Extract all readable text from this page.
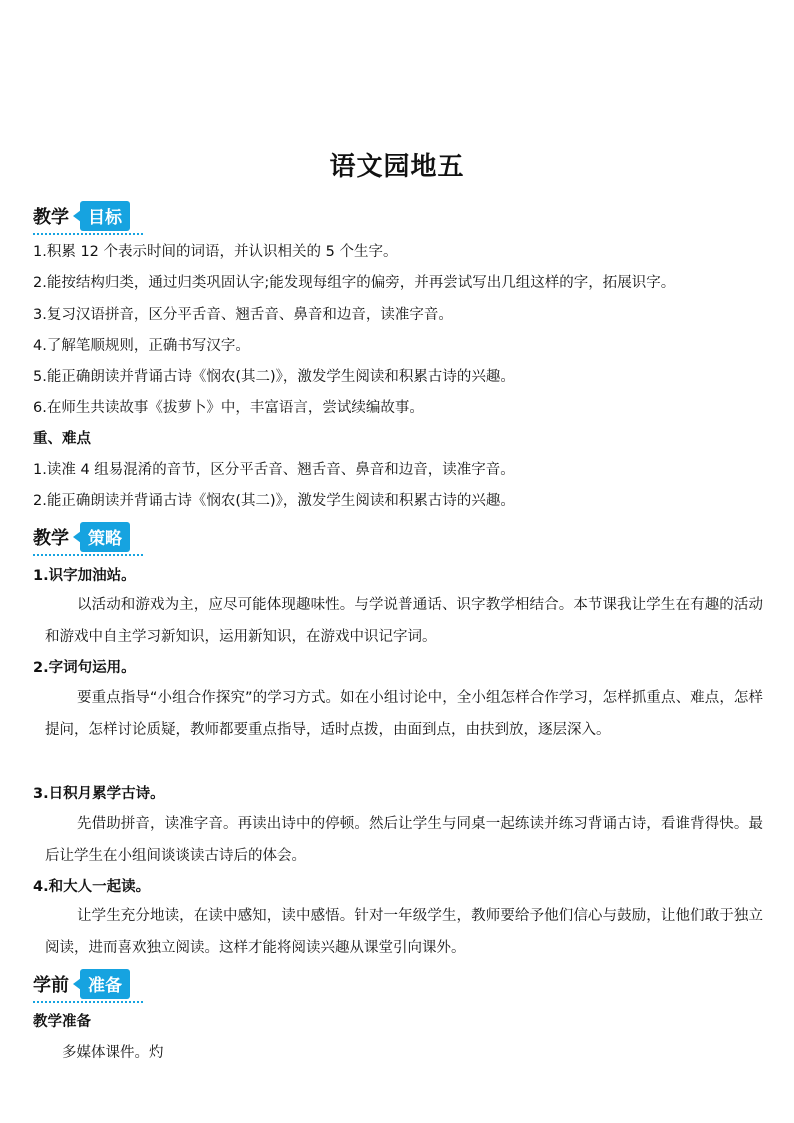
语文园地五
教学	目标
1.积累 12 个表示时间的词语，并认识相关的 5 个生字。
2.能按结构归类，通过归类巩固认字;能发现每组字的偏旁，并再尝试写出几组这样的字，拓展识字。
3.复习汉语拼音，区分平舌音、翘舌音、鼻音和边音，读准字音。
4.了解笔顺规则，正确书写汉字。
5.能正确朗读并背诵古诗《悯农(其二)》，激发学生阅读和积累古诗的兴趣。
6.在师生共读故事《拔萝卜》中，丰富语言，尝试续编故事。
重、难点
1.读准 4 组易混淆的音节，区分平舌音、翘舌音、鼻音和边音，读准字音。
2.能正确朗读并背诵古诗《悯农(其二)》，激发学生阅读和积累古诗的兴趣。
教学	策略
1.识字加油站。
以活动和游戏为主，应尽可能体现趣味性。与学说普通话、识字教学相结合。本节课我让学生在有趣的活动和游戏中自主学习新知识，运用新知识，在游戏中识记字词。
2.字词句运用。
要重点指导“小组合作探究”的学习方式。如在小组讨论中，全小组怎样合作学习，怎样抓重点、难点，怎样提问，怎样讨论质疑，教师都要重点指导，适时点拨，由面到点，由扶到放，逐层深入。
3.日积月累学古诗。
先借助拼音，读准字音。再读出诗中的停顿。然后让学生与同桌一起练读并练习背诵古诗，看谁背得快。最后让学生在小组间谈谈读古诗后的体会。
4.和大人一起读。
让学生充分地读，在读中感知，读中感悟。针对一年级学生，教师要给予他们信心与鼓励，让他们敢于独立阅读，进而喜欢独立阅读。这样才能将阅读兴趣从课堂引向课外。
学前	准备
教学准备
多媒体课件。灼
